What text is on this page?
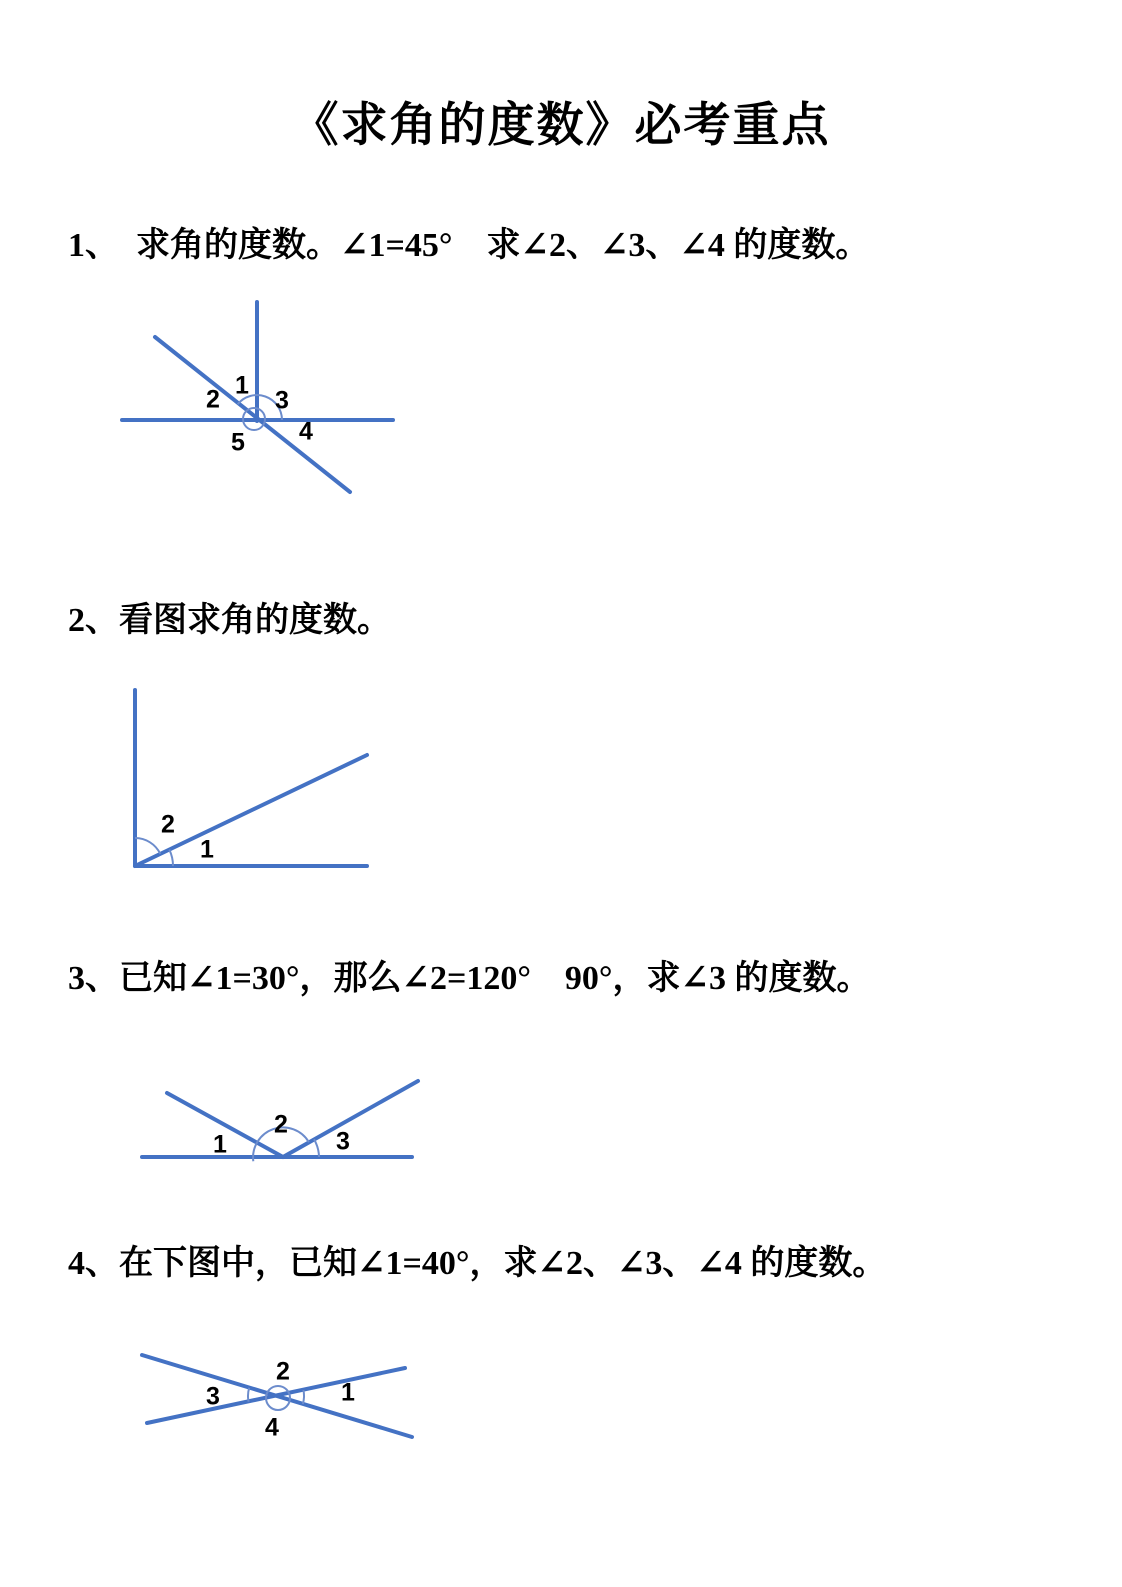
《求角的度数》必考重点
1、　求角的度数。∠1=45°　求∠2、∠3、∠4 的度数。
1
2 3
4
5
2、看图求角的度数。
1
2
3、已知∠1=30°，那么∠2=120°　90°，求∠3 的度数。
1
2
3
4、在下图中，已知∠1=40°，求∠2、∠3、∠4 的度数。
1
2
3
4
